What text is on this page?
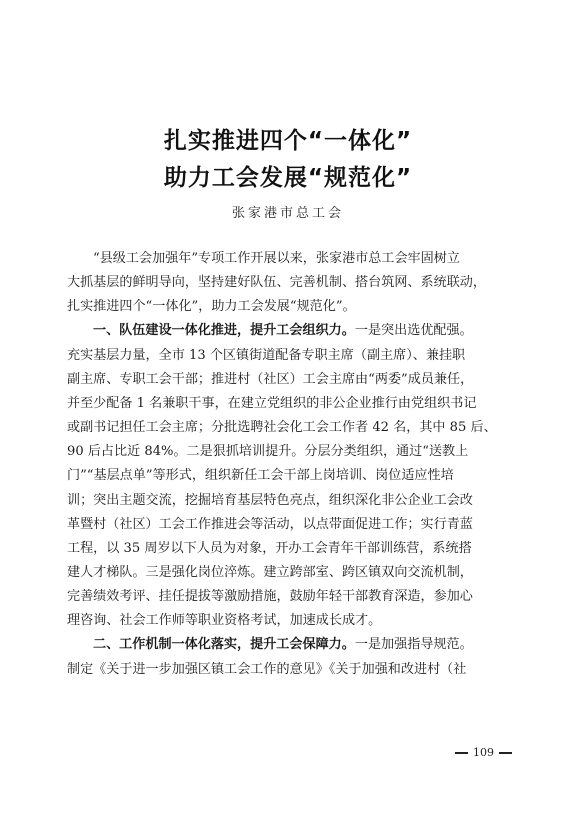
扎实推进四个“一体化”
助力工会发展“规范化”
张家港市总工会
“县级工会加强年”专项工作开展以来，张家港市总工会牢固树立
大抓基层的鲜明导向，坚持建好队伍、完善机制、搭台筑网、系统联动，
扎实推进四个“一体化”，助力工会发展“规范化”。
一、队伍建设一体化推进，提升工会组织力。一是突出选优配强。
充实基层力量，全市 13 个区镇街道配备专职主席（副主席）、兼挂职
副主席、专职工会干部；推进村（社区）工会主席由“两委”成员兼任，
并至少配备 1 名兼职干事，在建立党组织的非公企业推行由党组织书记
或副书记担任工会主席；分批选聘社会化工会工作者 42 名，其中 85 后、
90 后占比近 84%。二是狠抓培训提升。分层分类组织，通过“送教上
门”“基层点单”等形式，组织新任工会干部上岗培训、岗位适应性培
训；突出主题交流，挖掘培育基层特色亮点，组织深化非公企业工会改
革暨村（社区）工会工作推进会等活动，以点带面促进工作；实行青蓝
工程，以 35 周岁以下人员为对象，开办工会青年干部训练营，系统搭
建人才梯队。三是强化岗位淬炼。建立跨部室、跨区镇双向交流机制，
完善绩效考评、挂任提拔等激励措施，鼓励年轻干部教育深造，参加心
理咨询、社会工作师等职业资格考试，加速成长成才。
二、工作机制一体化落实，提升工会保障力。一是加强指导规范。
制定《关于进一步加强区镇工会工作的意见》《关于加强和改进村（社
109
